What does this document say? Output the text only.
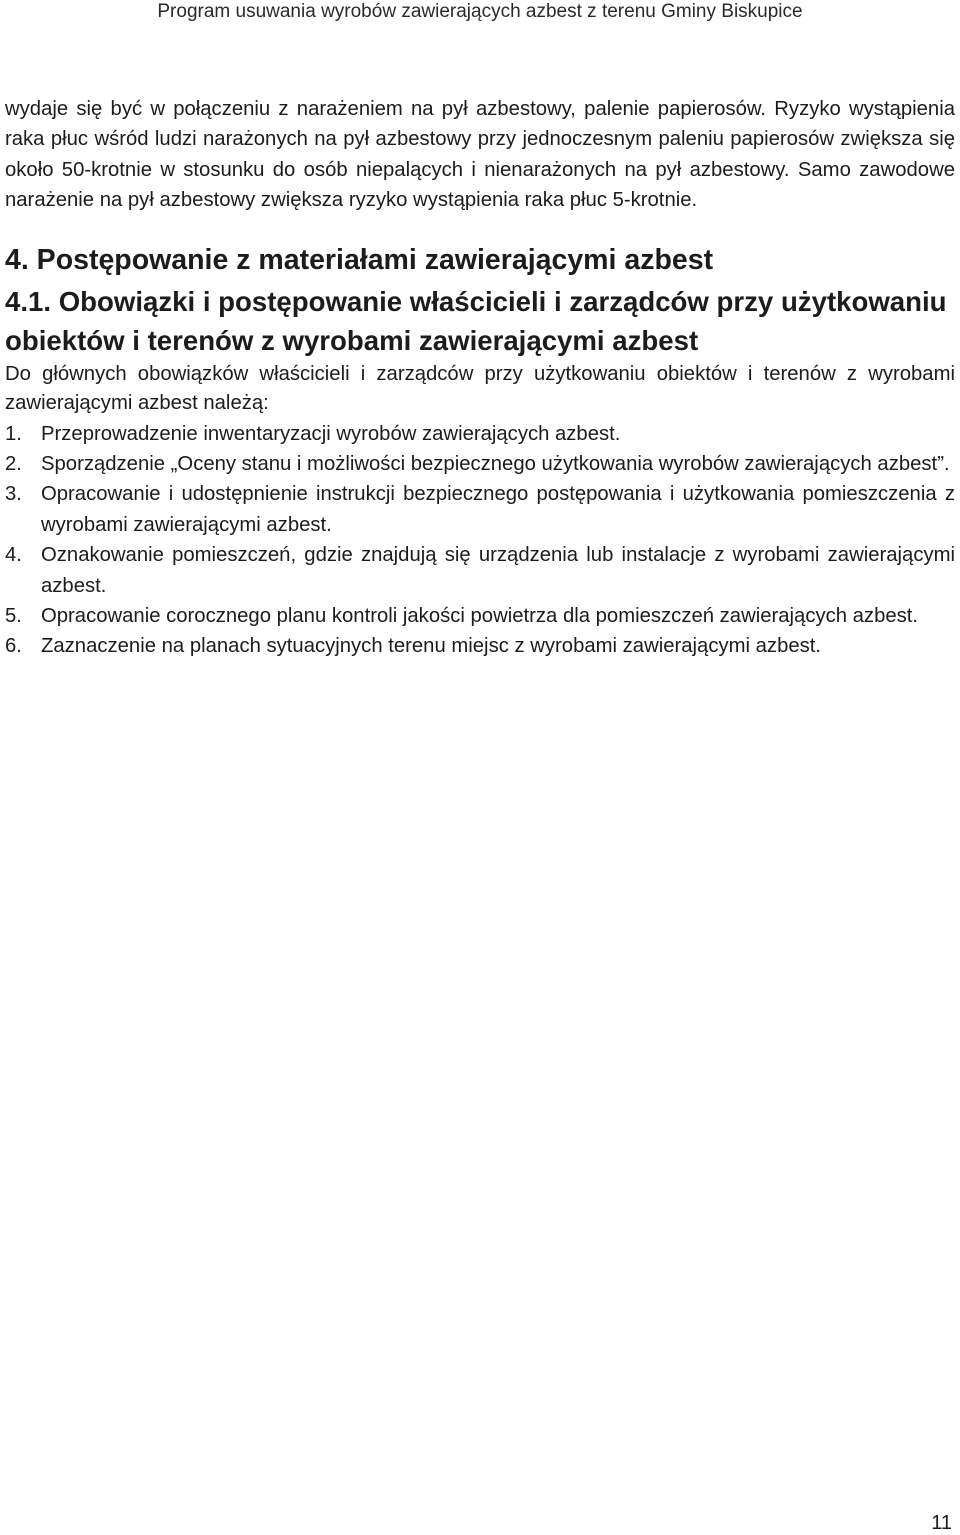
Program usuwania wyrobów zawierających azbest z terenu Gminy Biskupice

wydaje się być w połączeniu z narażeniem na pył azbestowy, palenie papierosów. Ryzyko wystąpienia raka płuc wśród ludzi narażonych na pył azbestowy przy jednoczesnym paleniu papierosów zwiększa się około 50-krotnie w stosunku do osób niepalących i nienarażonych na pył azbestowy. Samo zawodowe narażenie na pył azbestowy zwiększa ryzyko wystąpienia raka płuc 5-krotnie.

4. Postępowanie z materiałami zawierającymi azbest
4.1. Obowiązki i postępowanie właścicieli i zarządców przy użytkowaniu obiektów i terenów z wyrobami zawierającymi azbest

Do głównych obowiązków właścicieli i zarządców przy użytkowaniu obiektów i terenów z wyrobami zawierającymi azbest należą:

1. Przeprowadzenie inwentaryzacji wyrobów zawierających azbest.
2. Sporządzenie „Oceny stanu i możliwości bezpiecznego użytkowania wyrobów zawierających azbest”.
3. Opracowanie i udostępnienie instrukcji bezpiecznego postępowania i użytkowania pomieszczenia z wyrobami zawierającymi azbest.
4. Oznakowanie pomieszczeń, gdzie znajdują się urządzenia lub instalacje z wyrobami zawierającymi azbest.
5. Opracowanie corocznego planu kontroli jakości powietrza dla pomieszczeń zawierających azbest.
6. Zaznaczenie na planach sytuacyjnych terenu miejsc z wyrobami zawierającymi azbest.
11
